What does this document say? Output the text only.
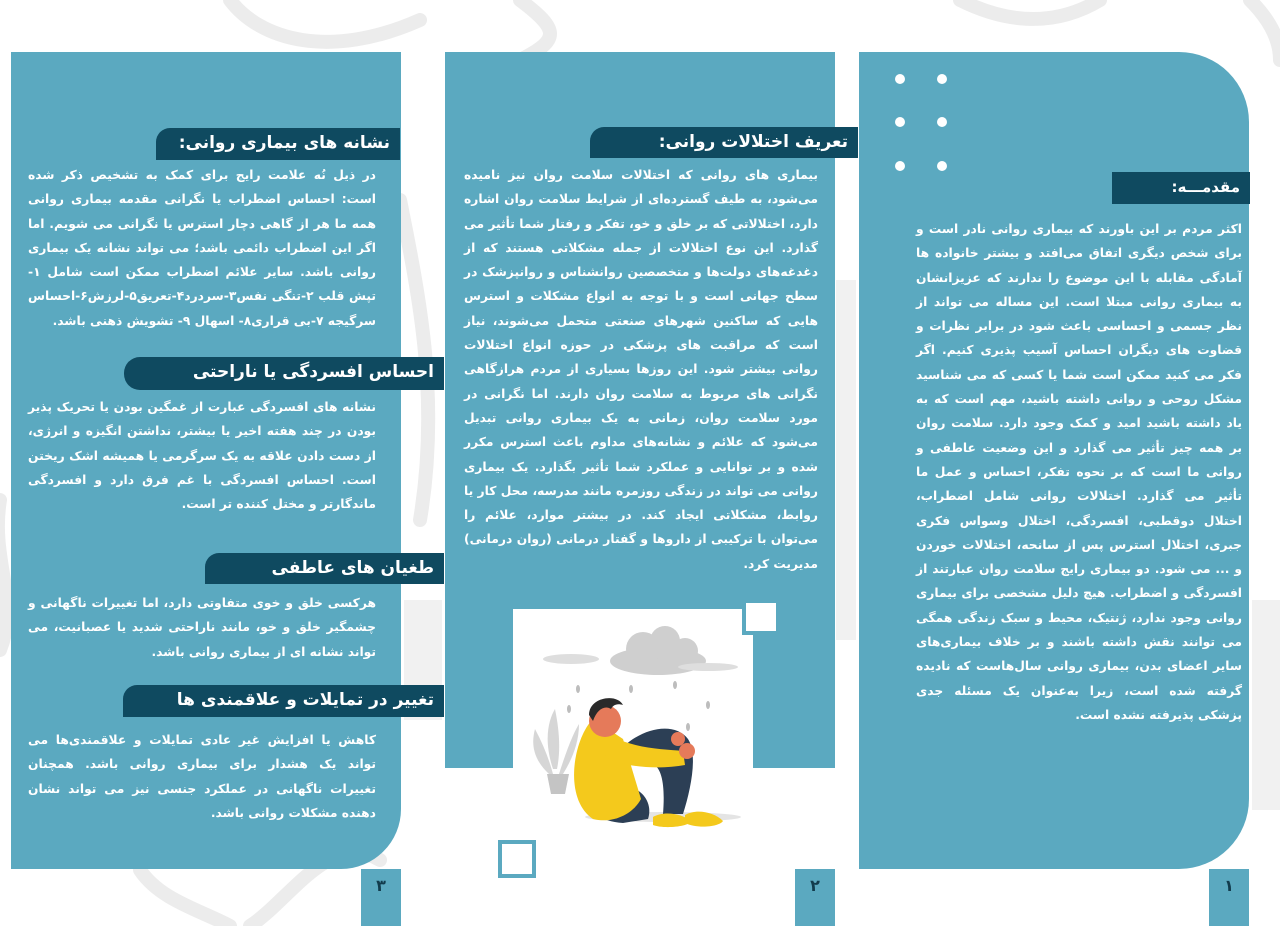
مقدمـــه:
اکثر مردم بر این باورند که بیماری روانی نادر است و برای شخص دیگری اتفاق می‌افتد و بیشتر خانواده ها آمادگی مقابله با این موضوع را ندارند که عزیزانشان به بیماری روانی مبتلا است. این مساله می تواند از نظر جسمی و احساسی باعث شود در برابر نظرات و قضاوت های دیگران احساس آسیب پذیری کنیم. اگر فکر می کنید ممکن است شما یا کسی که می شناسید مشکل روحی و روانی داشته باشید، مهم است که به یاد داشته باشید امید و کمک وجود دارد. سلامت روان بر همه چیز تأثیر می گذارد و این وضعیت عاطفی و روانی ما است که بر نحوه تفکر، احساس و عمل ما تأثیر می گذارد. اختلالات روانی شامل اضطراب، اختلال دوقطبی، افسردگی، اختلال وسواس فکری جبری، اختلال استرس پس از سانحه، اختلالات خوردن و ... می شود. دو بیماری رایج سلامت روان عبارتند از افسردگی و اضطراب. هیچ دلیل مشخصی برای بیماری روانی وجود ندارد، ژنتیک، محیط و سبک زندگی همگی می توانند نقش داشته باشند و بر خلاف بیماری‌های سایر اعضای بدن، بیماری روانی سال‌هاست که نادیده گرفته شده است، زیرا به‌عنوان یک مسئله جدی پزشکی پذیرفته نشده است.
۱
تعریف اختلالات روانی:
بیماری های روانی که اختلالات سلامت روان نیز نامیده می‌شود، به طیف گسترده‌ای از شرایط سلامت روان اشاره دارد، اختلالاتی که بر خلق و خو، تفکر و رفتار شما تأثیر می گذارد. این نوع اختلالات از جمله مشکلاتی هستند که از دغدغه‌های دولت‌ها و متخصصین روانشناس و روانپزشک در سطح جهانی است و با توجه به انواع مشکلات و استرس هایی که ساکنین شهرهای صنعتی متحمل می‌شوند، نیاز است که مراقبت های پزشکی در حوزه انواع اختلالات روانی بیشتر شود. این روزها بسیاری از مردم هرازگاهی نگرانی های مربوط به سلامت روان دارند. اما نگرانی در مورد سلامت روان، زمانی به یک بیماری روانی تبدیل می‌شود که علائم و نشانه‌های مداوم باعث استرس مکرر شده و بر توانایی و عملکرد شما تأثیر بگذارد. یک بیماری روانی می تواند در زندگی روزمره مانند مدرسه، محل کار یا روابط، مشکلاتی ایجاد کند. در بیشتر موارد، علائم را می‌توان با ترکیبی از داروها و گفتار درمانی (روان درمانی) مدیریت کرد.
۲
نشانه های بیماری روانی:
در ذیل نُه علامت رایج برای کمک به تشخیص ذکر شده است: احساس اضطراب یا نگرانی مقدمه بیماری روانی همه ما هر از گاهی دچار استرس یا نگرانی می شویم. اما اگر این اضطراب دائمی باشد؛ می تواند نشانه یک بیماری روانی باشد. سایر علائم اضطراب ممکن است شامل ۱-تپش قلب ۲-تنگی نفس۳-سردرد۴-تعریق۵-لرزش۶-احساس سرگیجه ۷-بی قراری۸- اسهال ۹- تشویش ذهنی باشد.
احساس افسردگی یا ناراحتی
نشانه های افسردگی عبارت از غمگین بودن یا تحریک پذیر بودن در چند هفته اخیر یا بیشتر، نداشتن انگیزه و انرژی، از دست دادن علاقه به یک سرگرمی یا همیشه اشک ریختن است. احساس افسردگی با غم فرق دارد و افسردگی ماندگارتر و مختل کننده تر است.
طغیان های عاطفی
هرکسی خلق و خوی متفاوتی دارد، اما تغییرات ناگهانی و چشمگیر خلق و خو، مانند ناراحتی شدید یا عصبانیت، می تواند نشانه ای از بیماری روانی باشد.
تغییر در تمایلات و علاقمندی ها
کاهش یا افزایش غیر عادی تمایلات و علاقمندی‌ها می تواند یک هشدار برای بیماری روانی باشد. همچنان تغییرات ناگهانی در عملکرد جنسی نیز می تواند نشان دهنده مشکلات روانی باشد.
۳
